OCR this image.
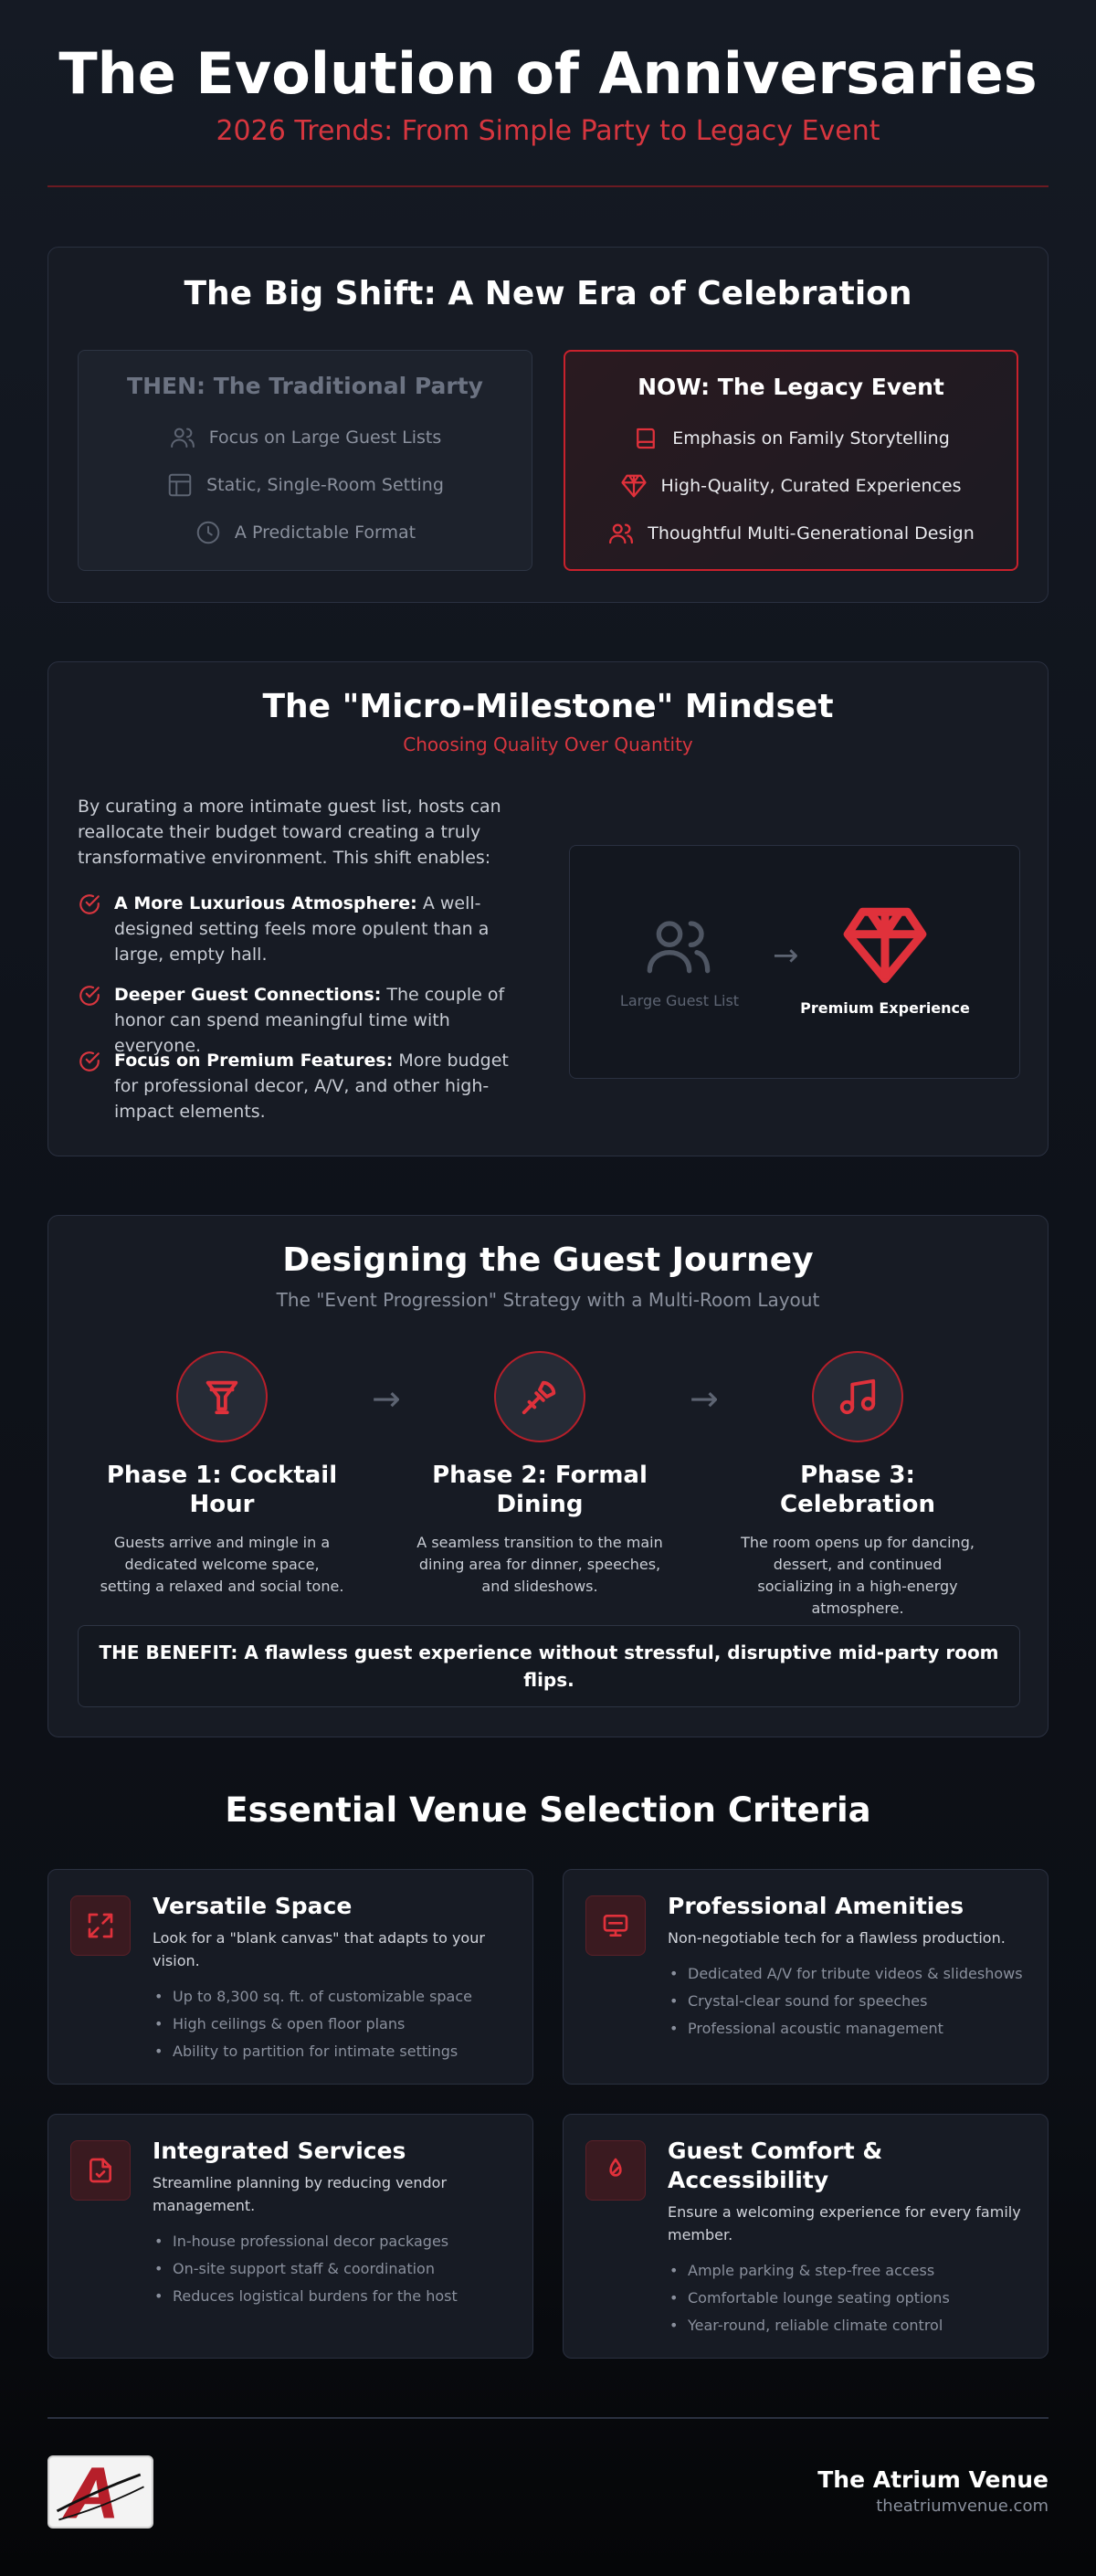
The Evolution of Anniversaries
2026 Trends: From Simple Party to Legacy Event
The Big Shift: A New Era of Celebration
THEN: The Traditional Party
Focus on Large Guest Lists
Static, Single-Room Setting
A Predictable Format
NOW: The Legacy Event
Emphasis on Family Storytelling
High-Quality, Curated Experiences
Thoughtful Multi-Generational Design
The "Micro-Milestone" Mindset
Choosing Quality Over Quantity

By curating a more intimate guest list, hosts can reallocate their budget toward creating a truly transformative environment. This shift enables:

A More Luxurious Atmosphere: A well-designed setting feels more opulent than a large, empty hall.
Deeper Guest Connections: The couple of honor can spend meaningful time with everyone.
Focus on Premium Features: More budget for professional decor, A/V, and other high-impact elements.
Large Guest List
→
Premium Experience
Designing the Guest Journey
The "Event Progression" Strategy with a Multi-Room Layout
Phase 1: Cocktail Hour
Guests arrive and mingle in a dedicated welcome space, setting a relaxed and social tone.
→
Phase 2: Formal Dining
A seamless transition to the main dining area for dinner, speeches, and slideshows.
→
Phase 3: Celebration
The room opens up for dancing, dessert, and continued socializing in a high-energy atmosphere.
THE BENEFIT: A flawless guest experience without stressful, disruptive mid-party room flips.
Essential Venue Selection Criteria
Versatile Space
Look for a "blank canvas" that adapts to your vision.
• Up to 8,300 sq. ft. of customizable space
• High ceilings & open floor plans
• Ability to partition for intimate settings
Professional Amenities
Non-negotiable tech for a flawless production.
• Dedicated A/V for tribute videos & slideshows
• Crystal-clear sound for speeches
• Professional acoustic management
Integrated Services
Streamline planning by reducing vendor management.
• In-house professional decor packages
• On-site support staff & coordination
• Reduces logistical burdens for the host
Guest Comfort & Accessibility
Ensure a welcoming experience for every family member.
• Ample parking & step-free access
• Comfortable lounge seating options
• Year-round, reliable climate control
The Atrium Venue
theatriumvenue.com
